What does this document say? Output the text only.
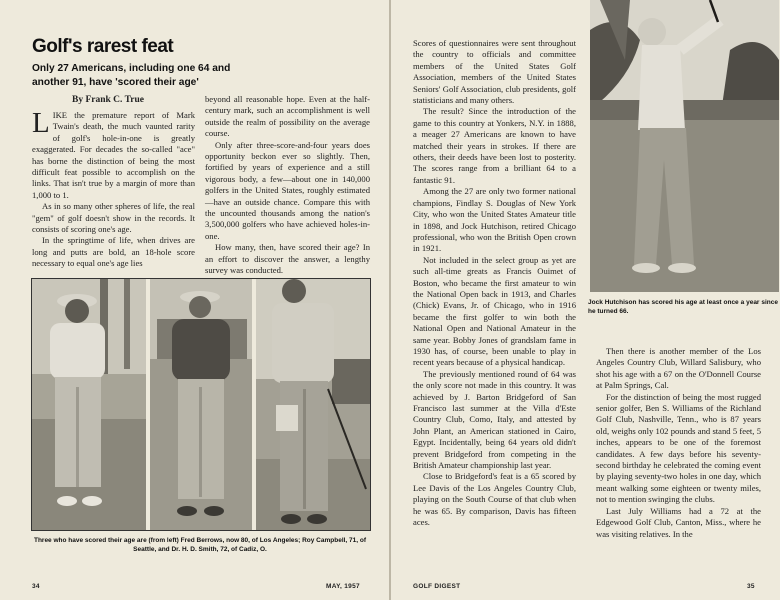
Golf's rarest feat
Only 27 Americans, including one 64 and another 91, have 'scored their age'
By Frank C. True

LIKE the premature report of Mark Twain's death, the much vaunted rarity of golf's hole-in-one is greatly exaggerated. For decades the so-called "ace" has borne the distinction of being the most difficult feat possible to accomplish on the links. That isn't true by a margin of more than 1,000 to 1.

As in so many other spheres of life, the real "gem" of golf doesn't show in the records. It consists of scoring one's age.

In the springtime of life, when drives are long and putts are bold, an 18-hole score necessary to equal one's age lies

beyond all reasonable hope. Even at the half-century mark, such an accomplishment is well outside the realm of possibility on the average course.

Only after three-score-and-four years does opportunity beckon ever so slightly. Then, fortified by years of experience and a still vigorous body, a few—about one in 140,000 golfers in the United States, roughly estimated—have an outside chance. Compare this with the uncounted thousands among the nation's 3,500,000 golfers who have achieved holes-in-one.

How many, then, have scored their age? In an effort to discover the answer, a lengthy survey was conducted.

Three who have scored their age are (from left) Fred Berrows, now 80, of Los Angeles; Roy Campbell, 71, of Seattle, and Dr. H. D. Smith, 72, of Cadiz, O.
34	MAY, 1957

Scores of questionnaires were sent throughout the country to officials and committee members of the United States Golf Association, members of the United States Seniors' Golf Association, club presidents, golf statisticians and many others.

The result? Since the introduction of the game to this country at Yonkers, N.Y. in 1888, a meager 27 Americans are known to have matched their years in strokes. If there are others, their deeds have been lost to posterity. The scores range from a brilliant 64 to a fantastic 91.

Among the 27 are only two former national champions, Findlay S. Douglas of New York City, who won the United States Amateur title in 1898, and Jock Hutchison, retired Chicago professional, who won the British Open crown in 1921.

Not included in the select group as yet are such all-time greats as Francis Ouimet of Boston, who became the first amateur to win the National Open back in 1913, and Charles (Chick) Evans, Jr. of Chicago, who in 1916 became the first golfer to win both the National Open and National Amateur in the same year. Bobby Jones of grandslam fame in 1930 has, of course, been unable to play in recent years because of a physical handicap.

The previously mentioned round of 64 was the only score not made in this country. It was achieved by J. Barton Bridgeford of San Francisco last summer at the Villa d'Este Country Club, Como, Italy, and attested by John Plant, an American stationed in Cairo, Egypt. Incidentally, being 64 years old didn't prevent Bridgeford from competing in the British Amateur championship last year.

Close to Bridgeford's feat is a 65 scored by Lee Davis of the Los Angeles Country Club, playing on the South Course of that club when he was 65. By comparison, Davis has fifteen aces.

Jock Hutchison has scored his age at least once a year since he turned 66.

Then there is another member of the Los Angeles Country Club, Willard Salisbury, who shot his age with a 67 on the O'Donnell Course at Palm Springs, Cal.

For the distinction of being the most rugged senior golfer, Ben S. Williams of the Richland Golf Club, Nashville, Tenn., who is 87 years old, weighs only 102 pounds and stand 5 feet, 5 inches, appears to be one of the foremost candidates. A few days before his seventy-second birthday he celebrated the coming event by playing seventy-two holes in one day, which meant walking some eighteen or twenty miles, not to mention swinging the clubs.

Last July Williams had a 72 at the Edgewood Golf Club, Canton, Miss., where he was visiting relatives. In the

GOLF DIGEST	35
